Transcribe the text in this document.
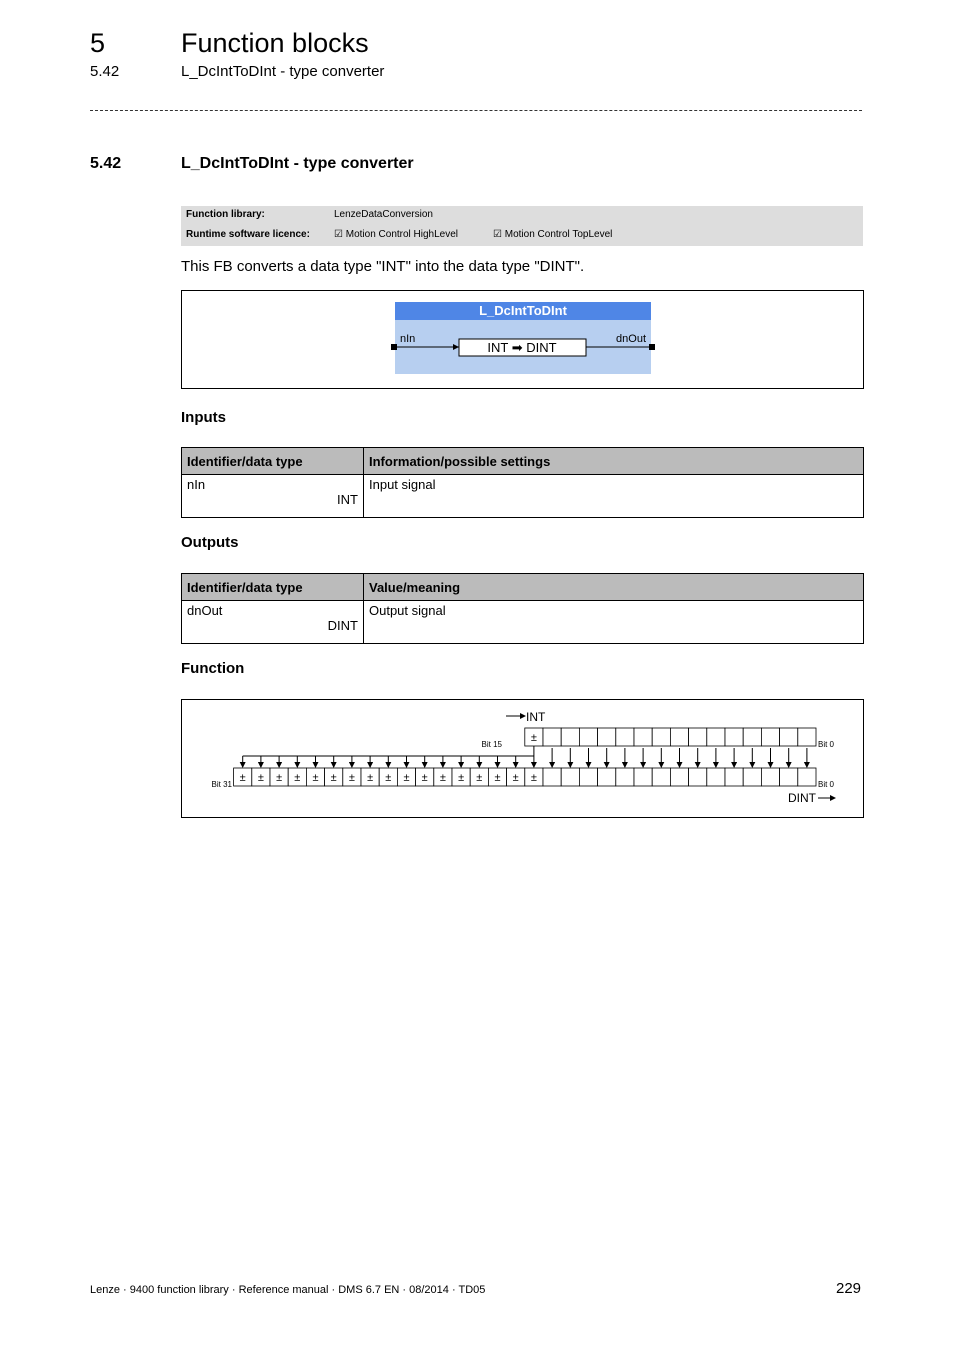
5	Function blocks
5.42	L_DcIntToDInt - type converter
5.42	L_DcIntToDInt - type converter
Function library:	LenzeDataConversion
Runtime software licence: ☑ Motion Control HighLevel	☑ Motion Control TopLevel
This FB converts a data type "INT" into the data type "DINT".
L_DcIntToDInt
nIn	dnOut
INT ➡ DINT
Inputs
Identifier/data type	Information/possible settings

nIn
INT	Input signal
Outputs
Identifier/data type	Value/meaning

dnOut
DINT	Output signal
Function
±
± ± ± ± ± ± ± ± ± ± ± ± ± ± ± ± ±
INT
Bit 15	Bit 0
Bit 31	Bit 0
DINT
Lenze · 9400 function library · Reference manual · DMS 6.7 EN · 08/2014 · TD05	229
